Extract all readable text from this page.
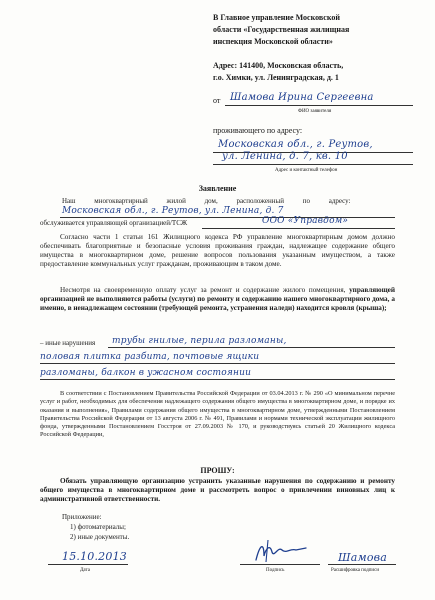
В Главное управление Московской
области «Государственная жилищная
инспекция Московской области»
Адрес: 141400, Московская область,
г.о. Химки, ул. Ленинградская, д. 1
от Шамова Ирина Сергеевна
ФИО заявителя
проживающего по адресу:
Московская обл., г. Реутов,
ул. Ленина, д. 7, кв. 10
Адрес и контактный телефон
Заявление
Наш многоквартирный жилой дом, расположенный по адресу:
Московская обл., г. Реутов, ул. Ленина, д. 7
обслуживается управляющей организацией/ТСЖ	ООО «Управдом»
Согласно части 1 статьи 161 Жилищного кодекса РФ управление многоквартирным домом должно обеспечивать благоприятные и безопасные условия проживания граждан, надлежащее содержание общего имущества в многоквартирном доме, решение вопросов пользования указанным имуществом, а также предоставление коммунальных услуг гражданам, проживающим в таком доме.
Несмотря на своевременную оплату услуг за ремонт и содержание жилого помещения, управляющей организацией не выполняются работы (услуги) по ремонту и содержанию нашего многоквартирного дома, а именно, в ненадлежащем состоянии (требующей ремонта, устранения наледи) находится кровля (крыша);
– иные нарушения трубы гнилые, перила разломаны,
половая плитка разбита, почтовые ящики
разломаны, балкон в ужасном состоянии
В соответствии с Постановлением Правительства Российской Федерации от 03.04.2013 г. № 290 «О минимальном перечне услуг и работ, необходимых для обеспечения надлежащего содержания общего имущества в многоквартирном доме, и порядке их оказания и выполнения», Правилами содержания общего имущества в многоквартирном доме, утвержденными Постановлением Правительства Российской Федерации от 13 августа 2006 г. № 491, Правилами и нормами технической эксплуатации жилищного фонда, утвержденными Постановлением Госстроя от 27.09.2003 № 170, и руководствуясь статьей 20 Жилищного кодекса Российской Федерации,
ПРОШУ:
Обязать управляющую организацию устранить указанные нарушения по содержанию и ремонту общего имущества в многоквартирном доме и рассмотреть вопрос о привлечении виновных лиц к административной ответственности.
Приложение:
1) фотоматериалы;
2) иные документы.
15.10.2013
Дата	Подпись
Шамова
Расшифровка подписи
